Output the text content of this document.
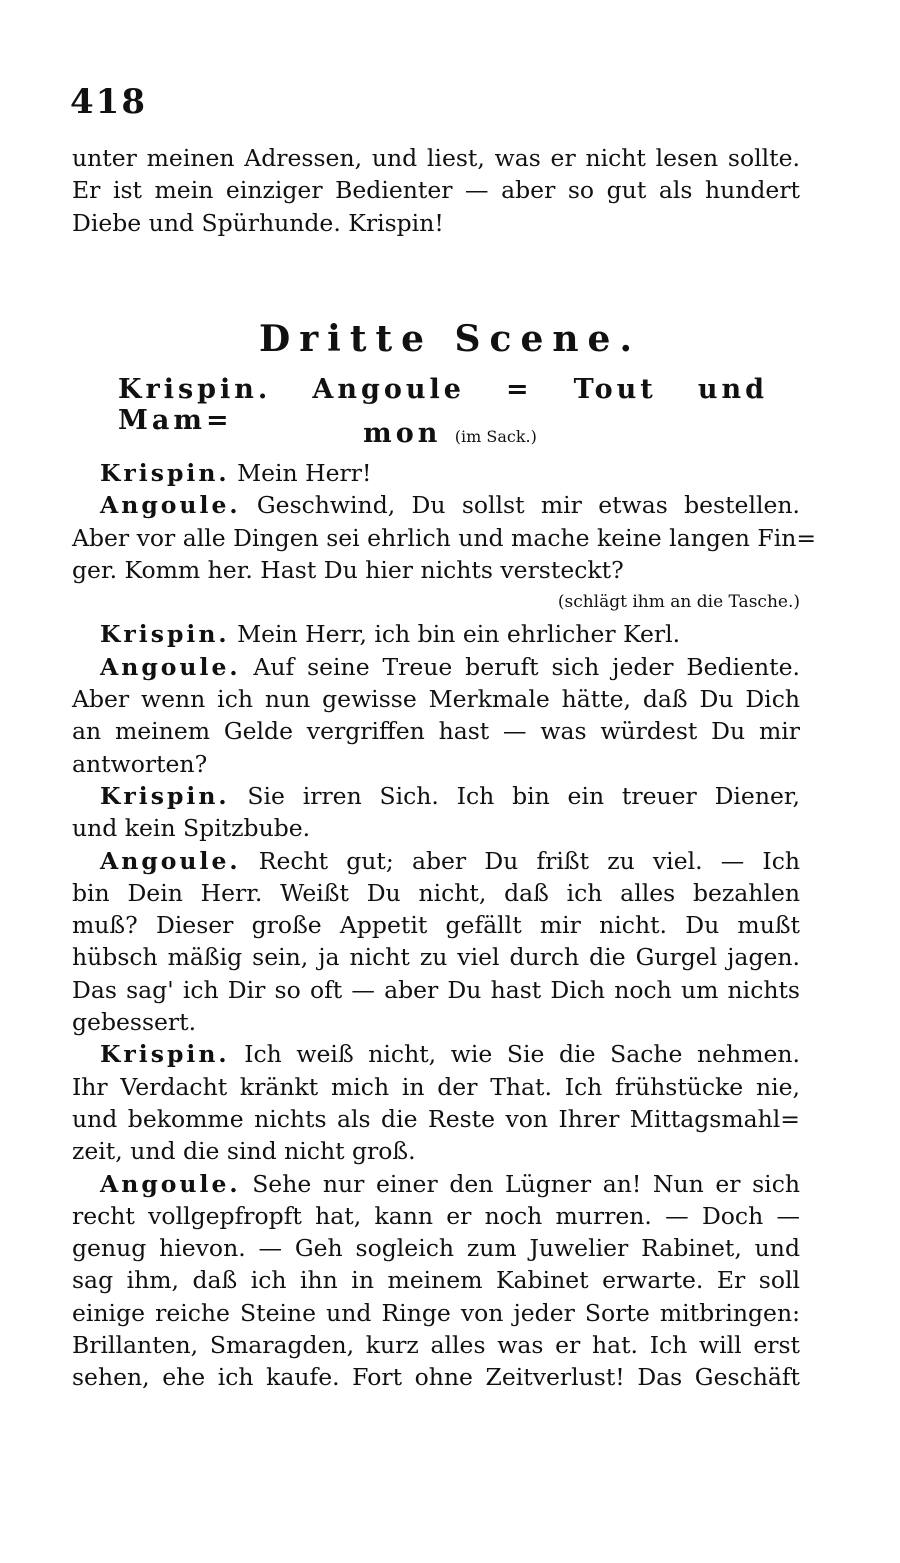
418
unter meinen Adressen, und liest, was er nicht lesen sollte.
Er ist mein einziger Bedienter — aber so gut als hundert
Diebe und Spürhunde. Krispin!
Dritte Scene.
Krispin. Angoule = Tout und Mam=	mon (im Sack.)
Krispin. Mein Herr!
Angoule. Geschwind, Du sollst mir etwas bestellen.
Aber vor alle Dingen sei ehrlich und mache keine langen Fin=
ger. Komm her. Hast Du hier nichts versteckt?
(schlägt ihm an die Tasche.)
Krispin. Mein Herr, ich bin ein ehrlicher Kerl.
Angoule. Auf seine Treue beruft sich jeder Bediente.
Aber wenn ich nun gewisse Merkmale hätte, daß Du Dich
an meinem Gelde vergriffen hast — was würdest Du mir
antworten?
Krispin. Sie irren Sich. Ich bin ein treuer Diener,
und kein Spitzbube.
Angoule. Recht gut; aber Du frißt zu viel. — Ich
bin Dein Herr. Weißt Du nicht, daß ich alles bezahlen
muß? Dieser große Appetit gefällt mir nicht. Du mußt
hübsch mäßig sein, ja nicht zu viel durch die Gurgel jagen.
Das sag' ich Dir so oft — aber Du hast Dich noch um nichts
gebessert.
Krispin. Ich weiß nicht, wie Sie die Sache nehmen.
Ihr Verdacht kränkt mich in der That. Ich frühstücke nie,
und bekomme nichts als die Reste von Ihrer Mittagsmahl=
zeit, und die sind nicht groß.
Angoule. Sehe nur einer den Lügner an! Nun er sich
recht vollgepfropft hat, kann er noch murren. — Doch —
genug hievon. — Geh sogleich zum Juwelier Rabinet, und
sag ihm, daß ich ihn in meinem Kabinet erwarte. Er soll
einige reiche Steine und Ringe von jeder Sorte mitbringen:
Brillanten, Smaragden, kurz alles was er hat. Ich will erst
sehen, ehe ich kaufe. Fort ohne Zeitverlust! Das Geschäft
